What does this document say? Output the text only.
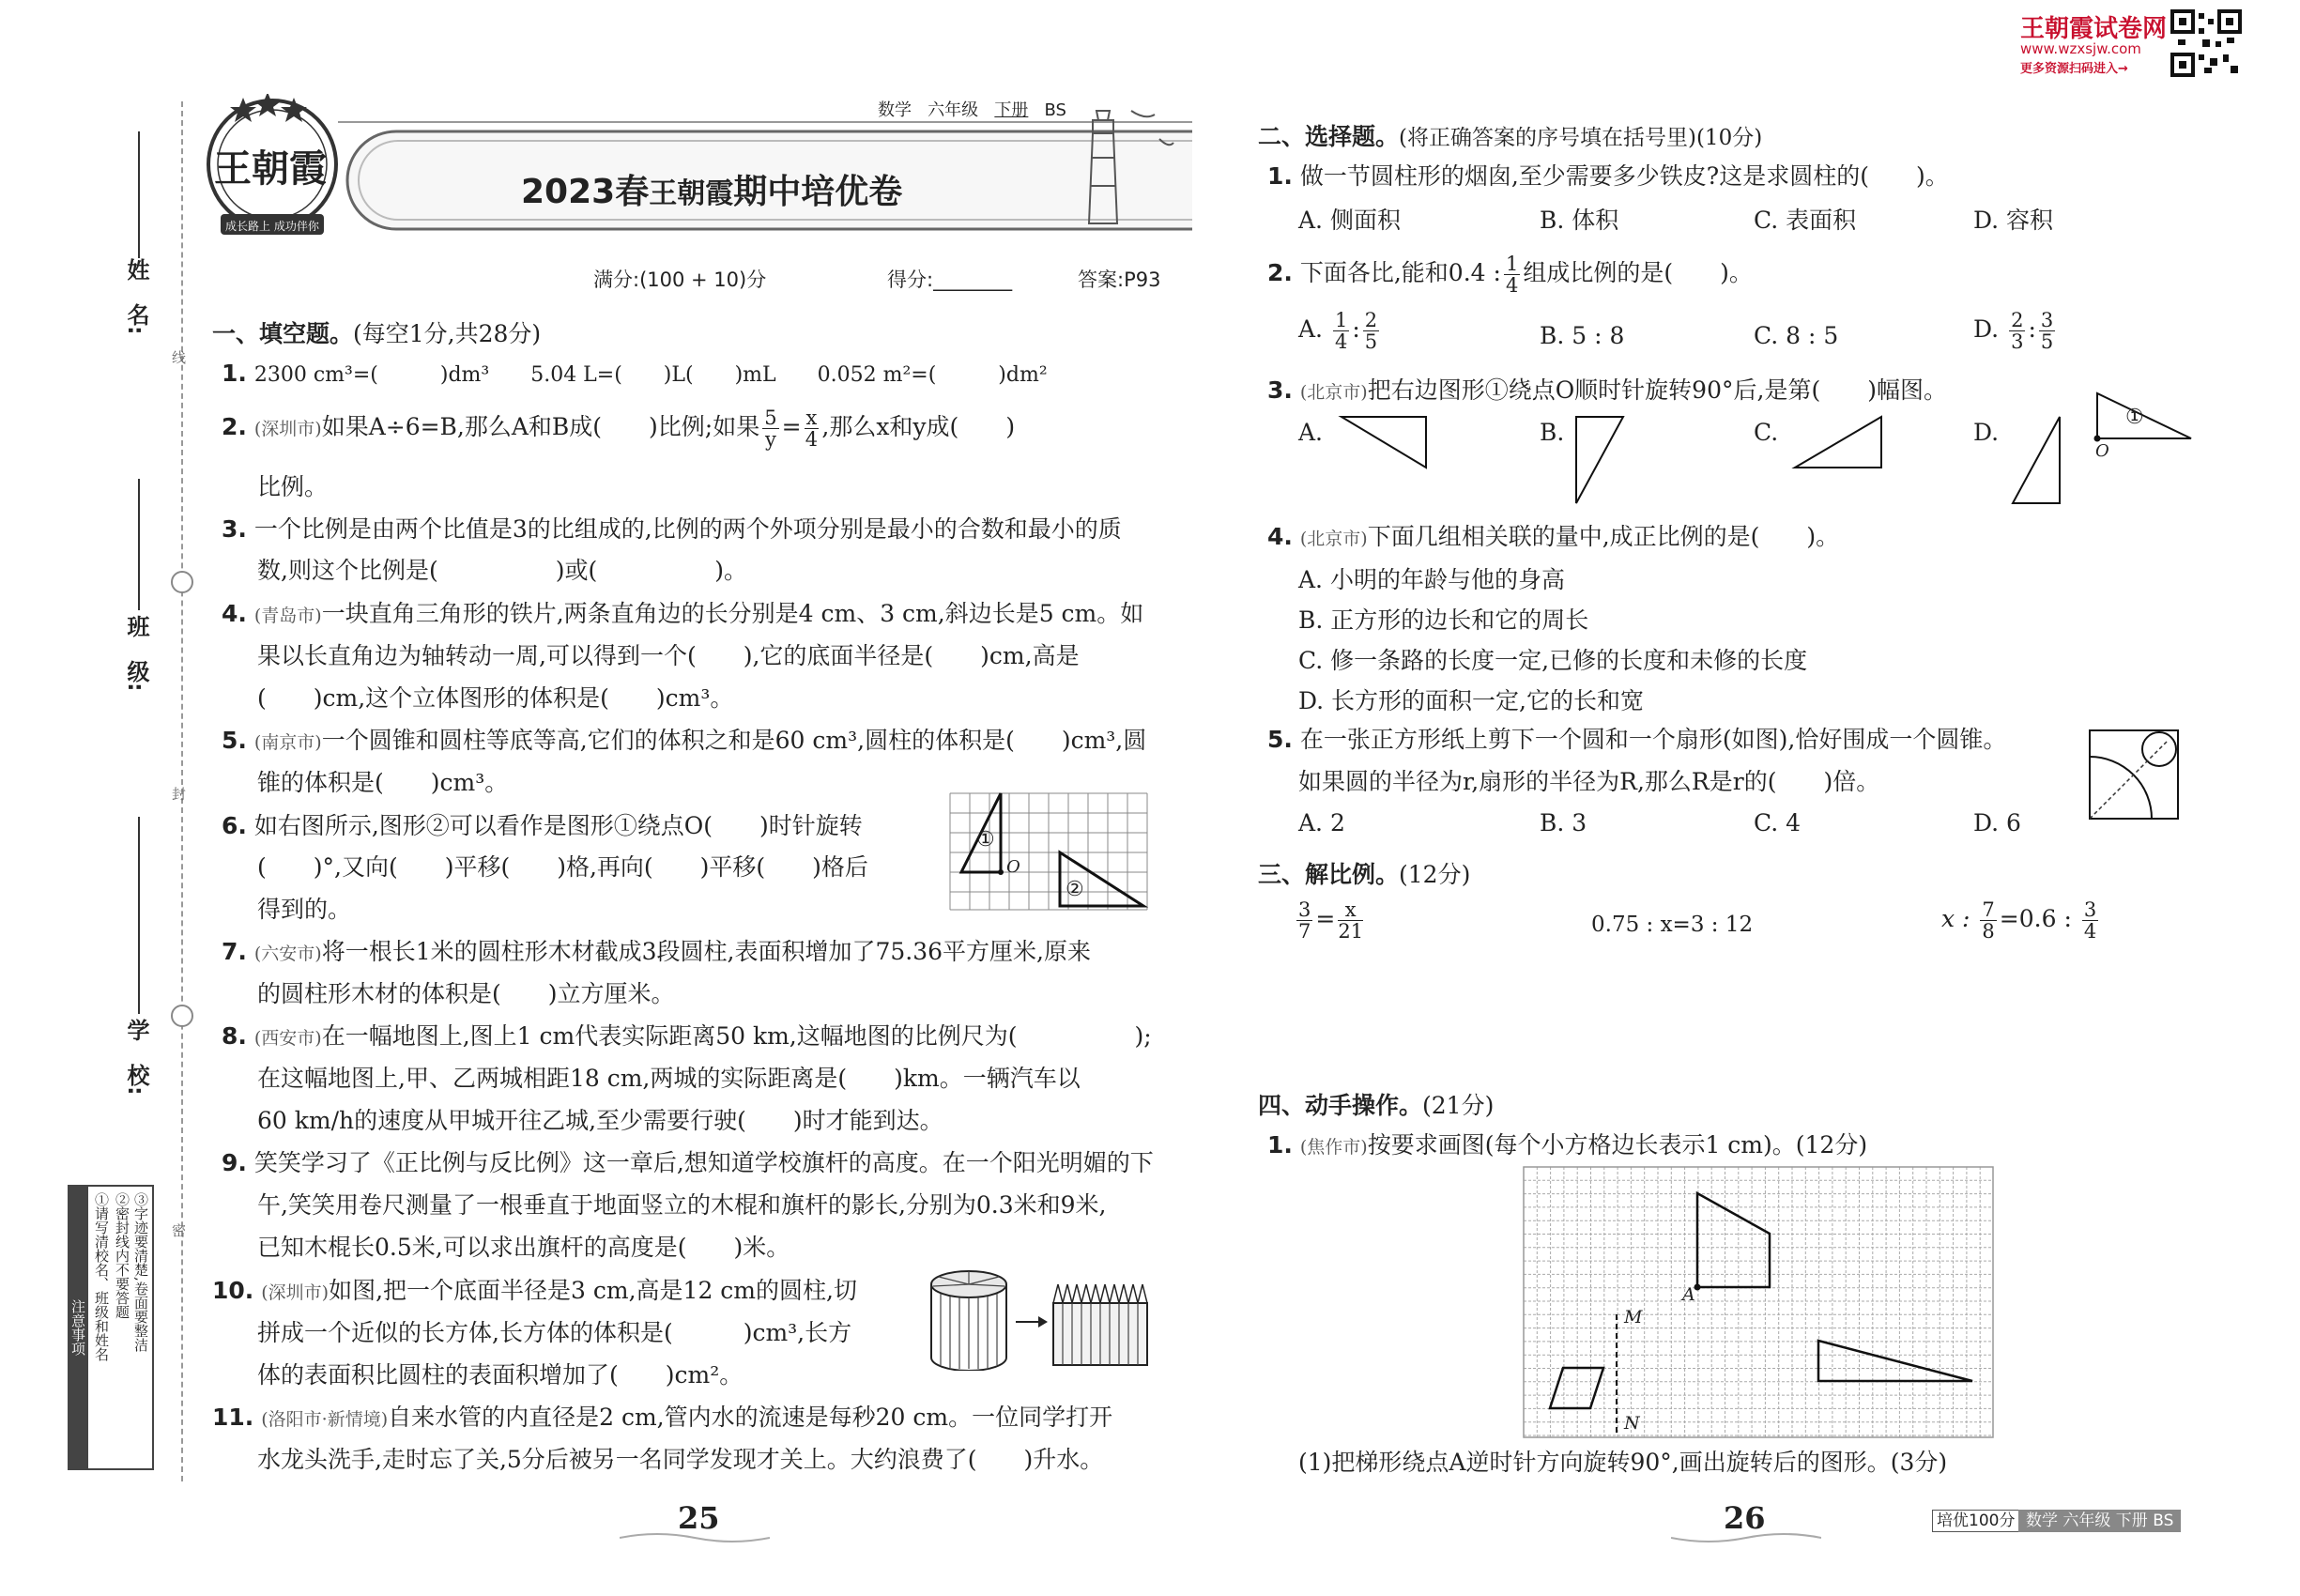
王朝霞试卷网
www.wzxsjw.com
更多资源扫码进入→
姓　名:
班　级:
学　校:
线
封
密
注意事项 ①请写清校名、班级和姓名 ②密封线内不要答题 ③字迹要清楚,卷面要整洁
数学 六年级 下册 BS
王朝霞
成长路上 成功伴你
2023春王朝霞期中培优卷
满分:(100 + 10)分	得分:________	答案:P93
一、填空题。(每空1分,共28分)
1. 2300 cm³=(　　　)dm³　　5.04 L=(　　)L(　　)mL　　0.052 m²=(　　　)dm²
2. (深圳市)如果A÷6=B,那么A和B成(　　)比例;如果 $\frac{5}{y} = \frac{x}{4}$ ,那么x和y成(　　)
比例。
3. 一个比例是由两个比值是3的比组成的,比例的两个外项分别是最小的合数和最小的质
数,则这个比例是(　　　　　)或(　　　　　)。
4. (青岛市)一块直角三角形的铁片,两条直角边的长分别是4 cm、3 cm,斜边长是5 cm。如
果以长直角边为轴转动一周,可以得到一个(　　),它的底面半径是(　　)cm,高是
(　　)cm,这个立体图形的体积是(　　)cm³。
5. (南京市)一个圆锥和圆柱等底等高,它们的体积之和是60 cm³,圆柱的体积是(　　)cm³,圆
锥的体积是(　　)cm³。
6. 如右图所示,图形②可以看作是图形①绕点O(　　)时针旋转
(　　)°,又向(　　)平移(　　)格,再向(　　)平移(　　)格后
得到的。
①
②
O
7. (六安市)将一根长1米的圆柱形木材截成3段圆柱,表面积增加了75.36平方厘米,原来
的圆柱形木材的体积是(　　)立方厘米。
8. (西安市)在一幅地图上,图上1 cm代表实际距离50 km,这幅地图的比例尺为(　　　　　);
在这幅地图上,甲、乙两城相距18 cm,两城的实际距离是(　　)km。一辆汽车以
60 km/h的速度从甲城开往乙城,至少需要行驶(　　)时才能到达。
9. 笑笑学习了《正比例与反比例》这一章后,想知道学校旗杆的高度。在一个阳光明媚的下
午,笑笑用卷尺测量了一根垂直于地面竖立的木棍和旗杆的影长,分别为0.3米和9米,
已知木棍长0.5米,可以求出旗杆的高度是(　　)米。
10. (深圳市)如图,把一个底面半径是3 cm,高是12 cm的圆柱,切
拼成一个近似的长方体,长方体的体积是(　　　)cm³,长方
体的表面积比圆柱的表面积增加了(　　)cm²。
11. (洛阳市·新情境)自来水管的内直径是2 cm,管内水的流速是每秒20 cm。一位同学打开
水龙头洗手,走时忘了关,5分后被另一名同学发现才关上。大约浪费了(　　)升水。
25
二、选择题。(将正确答案的序号填在括号里)(10分)
1. 做一节圆柱形的烟囱,至少需要多少铁皮?这是求圆柱的(　　)。
A. 侧面积	B. 体积	C. 表面积	D. 容积
2. 下面各比,能和0.4 : $\frac{1}{4}$ 组成比例的是(　　)。
A. $\frac{1}{4}$ : $\frac{2}{5}$	B. 5 : 8	C. 8 : 5	D. $\frac{2}{3}$ : $\frac{3}{5}$
3. (北京市)把右边图形①绕点O顺时针旋转90°后,是第(　　)幅图。
A.	B.	C.	D.
①
O
4. (北京市)下面几组相关联的量中,成正比例的是(　　)。
A. 小明的年龄与他的身高
B. 正方形的边长和它的周长
C. 修一条路的长度一定,已修的长度和未修的长度
D. 长方形的面积一定,它的长和宽
5. 在一张正方形纸上剪下一个圆和一个扇形(如图),恰好围成一个圆锥。
如果圆的半径为r,扇形的半径为R,那么R是r的(　　)倍。
A. 2	B. 3	C. 4	D. 6
三、解比例。(12分)
$\frac{3}{7} = \frac{x}{21}$	0.75 : x=3 : 12	x : $\frac{7}{8} =0.6$ : $\frac{3}{4}$
四、动手操作。(21分)
1. (焦作市)按要求画图(每个小方格边长表示1 cm)。(12分)
A
M
N
(1)把梯形绕点A逆时针方向旋转90°,画出旋转后的图形。(3分)
26	培优100分 数学 六年级 下册 BS
